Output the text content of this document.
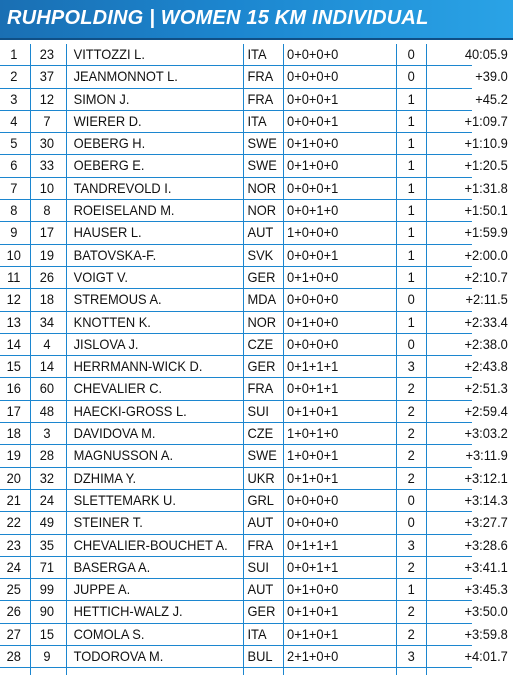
RUHPOLDING | WOMEN 15 KM INDIVIDUAL
1	23	VITTOZZI L.	ITA 0+0+0+0	0	40:05.9
2	37	JEANMONNOT L.	FRA 0+0+0+0	0	+39.0
3	12	SIMON J.	FRA 0+0+0+1	1	+45.2
4	7	WIERER D.	ITA 0+0+0+1	1	+1:09.7
5	30	OEBERG H.	SWE 0+1+0+0	1	+1:10.9
6	33	OEBERG E.	SWE 0+1+0+0	1	+1:20.5
7	10	TANDREVOLD I.	NOR 0+0+0+1	1	+1:31.8
8	8	ROEISELAND M.	NOR 0+0+1+0	1	+1:50.1
9	17	HAUSER L.	AUT 1+0+0+0	1	+1:59.9
10	19	BATOVSKA-F.	SVK 0+0+0+1	1	+2:00.0
11	26	VOIGT V.	GER 0+1+0+0	1	+2:10.7
12	18	STREMOUS A.	MDA 0+0+0+0	0	+2:11.5
13	34	KNOTTEN K.	NOR 0+1+0+0	1	+2:33.4
14	4	JISLOVA J.	CZE 0+0+0+0	0	+2:38.0
15	14	HERRMANN-WICK D.	GER 0+1+1+1	3	+2:43.8
16	60	CHEVALIER C.	FRA 0+0+1+1	2	+2:51.3
17	48	HAECKI-GROSS L.	SUI 0+1+0+1	2	+2:59.4
18	3	DAVIDOVA M.	CZE 1+0+1+0	2	+3:03.2
19	28	MAGNUSSON A.	SWE 1+0+0+1	2	+3:11.9
20	32	DZHIMA Y.	UKR 0+1+0+1	2	+3:12.1
21	24	SLETTEMARK U.	GRL 0+0+0+0	0	+3:14.3
22	49	STEINER T.	AUT 0+0+0+0	0	+3:27.7
23	35	CHEVALIER-BOUCHET A. FRA 0+1+1+1	3	+3:28.6
24	71	BASERGA A.	SUI 0+0+1+1	2	+3:41.1
25	99	JUPPE A.	AUT 0+1+0+0	1	+3:45.3
26	90	HETTICH-WALZ J.	GER 0+1+0+1	2	+3:50.0
27	15	COMOLA S.	ITA 0+1+0+1	2	+3:59.8
28	9	TODOROVA M.	BUL 2+1+0+0	3	+4:01.7
